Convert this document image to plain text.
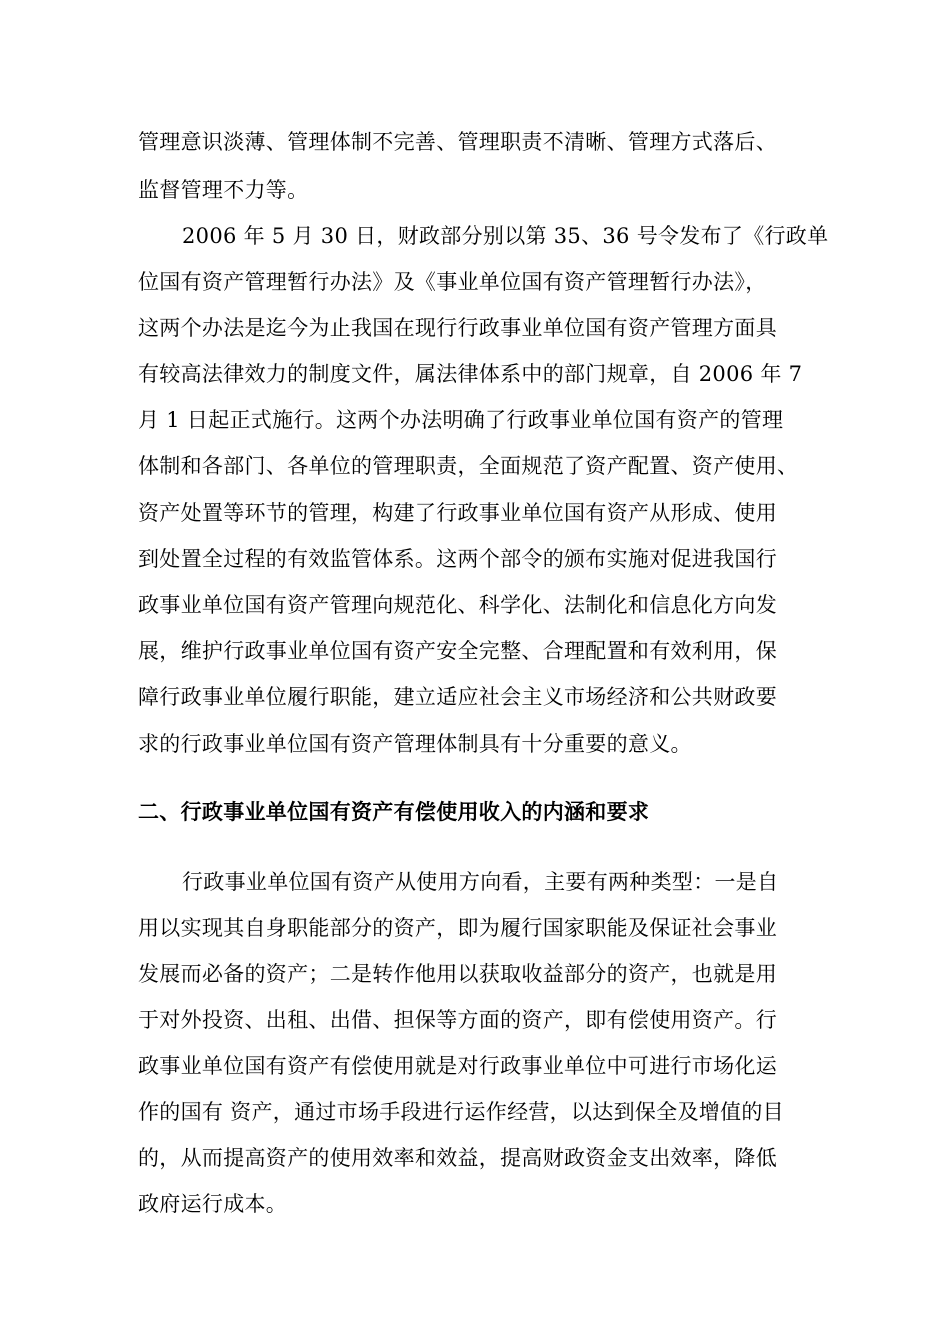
管理意识淡薄、管理体制不完善、管理职责不清晰、管理方式落后、
监督管理不力等。
2006 年 5 月 30 日，财政部分别以第 35、36 号令发布了《行政单
位国有资产管理暂行办法》及《事业单位国有资产管理暂行办法》，
这两个办法是迄今为止我国在现行行政事业单位国有资产管理方面具
有较高法律效力的制度文件，属法律体系中的部门规章，自 2006 年 7
月 1 日起正式施行。这两个办法明确了行政事业单位国有资产的管理
体制和各部门、各单位的管理职责，全面规范了资产配置、资产使用、
资产处置等环节的管理，构建了行政事业单位国有资产从形成、使用
到处置全过程的有效监管体系。这两个部令的颁布实施对促进我国行
政事业单位国有资产管理向规范化、科学化、法制化和信息化方向发
展，维护行政事业单位国有资产安全完整、合理配置和有效利用，保
障行政事业单位履行职能，建立适应社会主义市场经济和公共财政要
求的行政事业单位国有资产管理体制具有十分重要的意义。
二、行政事业单位国有资产有偿使用收入的内涵和要求
行政事业单位国有资产从使用方向看，主要有两种类型：一是自
用以实现其自身职能部分的资产，即为履行国家职能及保证社会事业
发展而必备的资产；二是转作他用以获取收益部分的资产，也就是用
于对外投资、出租、出借、担保等方面的资产，即有偿使用资产。行
政事业单位国有资产有偿使用就是对行政事业单位中可进行市场化运
作的国有 资产，通过市场手段进行运作经营，以达到保全及增值的目
的，从而提高资产的使用效率和效益，提高财政资金支出效率，降低
政府运行成本。
